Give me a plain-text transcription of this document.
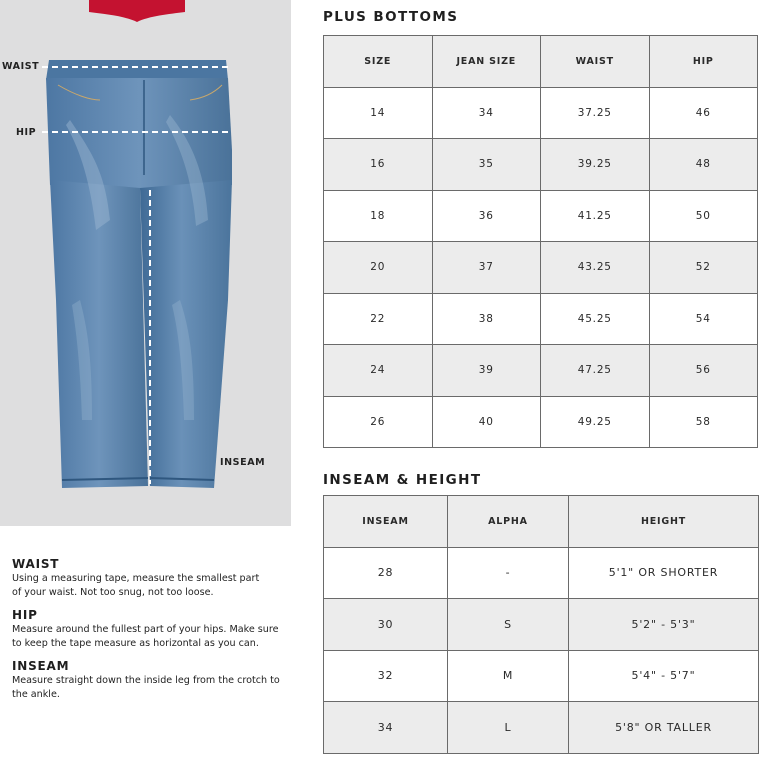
WAIST
HIP
INSEAM
WAIST
Using a measuring tape, measure the smallest part
of your waist. Not too snug, not too loose.
HIP
Measure around the fullest part of your hips. Make sure
to keep the tape measure as horizontal as you can.
INSEAM
Measure straight down the inside leg from the crotch to
the ankle.
PLUS BOTTOMS
SIZE	JEAN SIZE	WAIST	HIP
14	34	37.25	46
16	35	39.25	48
18	36	41.25	50
20	37	43.25	52
22	38	45.25	54
24	39	47.25	56
26	40	49.25	58
INSEAM & HEIGHT
INSEAM	ALPHA	HEIGHT
28	-	5'1" OR SHORTER
30	S	5'2" - 5'3"
32	M	5'4" - 5'7"
34	L	5'8" OR TALLER
